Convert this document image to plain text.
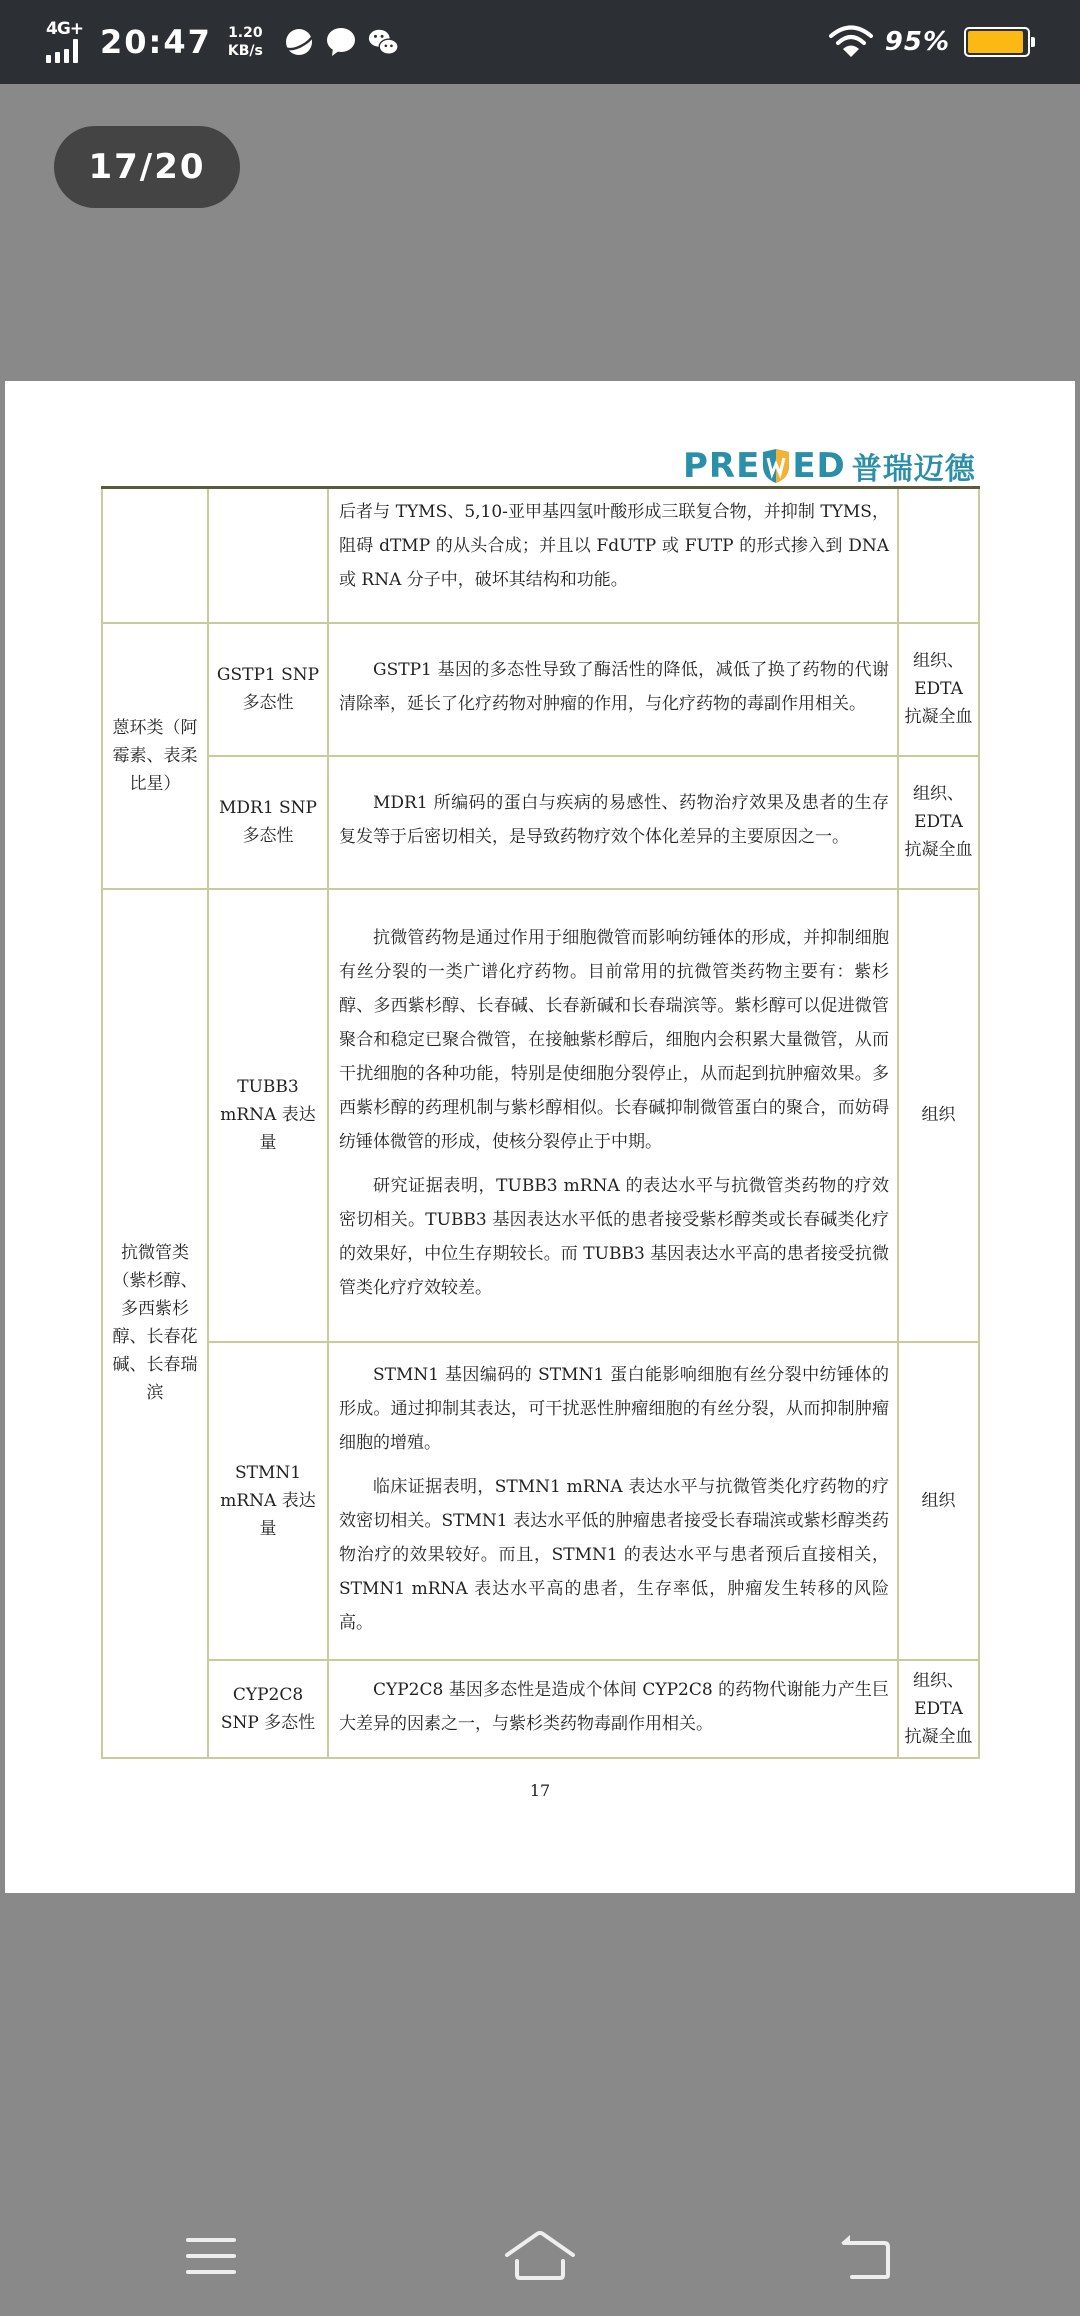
4G+ 20:47 1.20
KB/s	95%
17/20
PRE ED 普瑞迈德

		后者与 TYMS、5,10-亚甲基四氢叶酸形成三联复合物，并抑制 TYMS，阻碍 dTMP 的从头合成；并且以 FdUTP 或 FUTP 的形式掺入到 DNA 或 RNA 分子中，破坏其结构和功能。	

蒽环类（阿霉素、表柔比星）	GSTP1 SNP 多态性	GSTP1 基因的多态性导致了酶活性的降低，减低了换了药物的代谢清除率，延长了化疗药物对肿瘤的作用，与化疗药物的毒副作用相关。	组织、EDTA 抗凝全血
	MDR1 SNP 多态性	MDR1 所编码的蛋白与疾病的易感性、药物治疗效果及患者的生存复发等于后密切相关，是导致药物疗效个体化差异的主要原因之一。	组织、EDTA 抗凝全血
抗微管类（紫杉醇、多西紫杉醇、长春花碱、长春瑞滨	TUBB3 mRNA 表达量	抗微管药物是通过作用于细胞微管而影响纺锤体的形成，并抑制细胞有丝分裂的一类广谱化疗药物。目前常用的抗微管类药物主要有：紫杉醇、多西紫杉醇、长春碱、长春新碱和长春瑞滨等。紫杉醇可以促进微管聚合和稳定已聚合微管，在接触紫杉醇后，细胞内会积累大量微管，从而干扰细胞的各种功能，特别是使细胞分裂停止，从而起到抗肿瘤效果。多西紫杉醇的药理机制与紫杉醇相似。长春碱抑制微管蛋白的聚合，而妨碍纺锤体微管的形成，使核分裂停止于中期。

研究证据表明，TUBB3 mRNA 的表达水平与抗微管类药物的疗效密切相关。TUBB3 基因表达水平低的患者接受紫杉醇类或长春碱类化疗的效果好，中位生存期较长。而 TUBB3 基因表达水平高的患者接受抗微管类化疗疗效较差。	组织
	STMN1 mRNA 表达量	STMN1 基因编码的 STMN1 蛋白能影响细胞有丝分裂中纺锤体的形成。通过抑制其表达，可干扰恶性肿瘤细胞的有丝分裂，从而抑制肿瘤细胞的增殖。

临床证据表明，STMN1 mRNA 表达水平与抗微管类化疗药物的疗效密切相关。STMN1 表达水平低的肿瘤患者接受长春瑞滨或紫杉醇类药物治疗的效果较好。而且，STMN1 的表达水平与患者预后直接相关，STMN1 mRNA 表达水平高的患者，生存率低，肿瘤发生转移的风险高。	组织
	CYP2C8 SNP 多态性	CYP2C8 基因多态性是造成个体间 CYP2C8 的药物代谢能力产生巨大差异的因素之一，与紫杉类药物毒副作用相关。	组织、EDTA 抗凝全血
17
